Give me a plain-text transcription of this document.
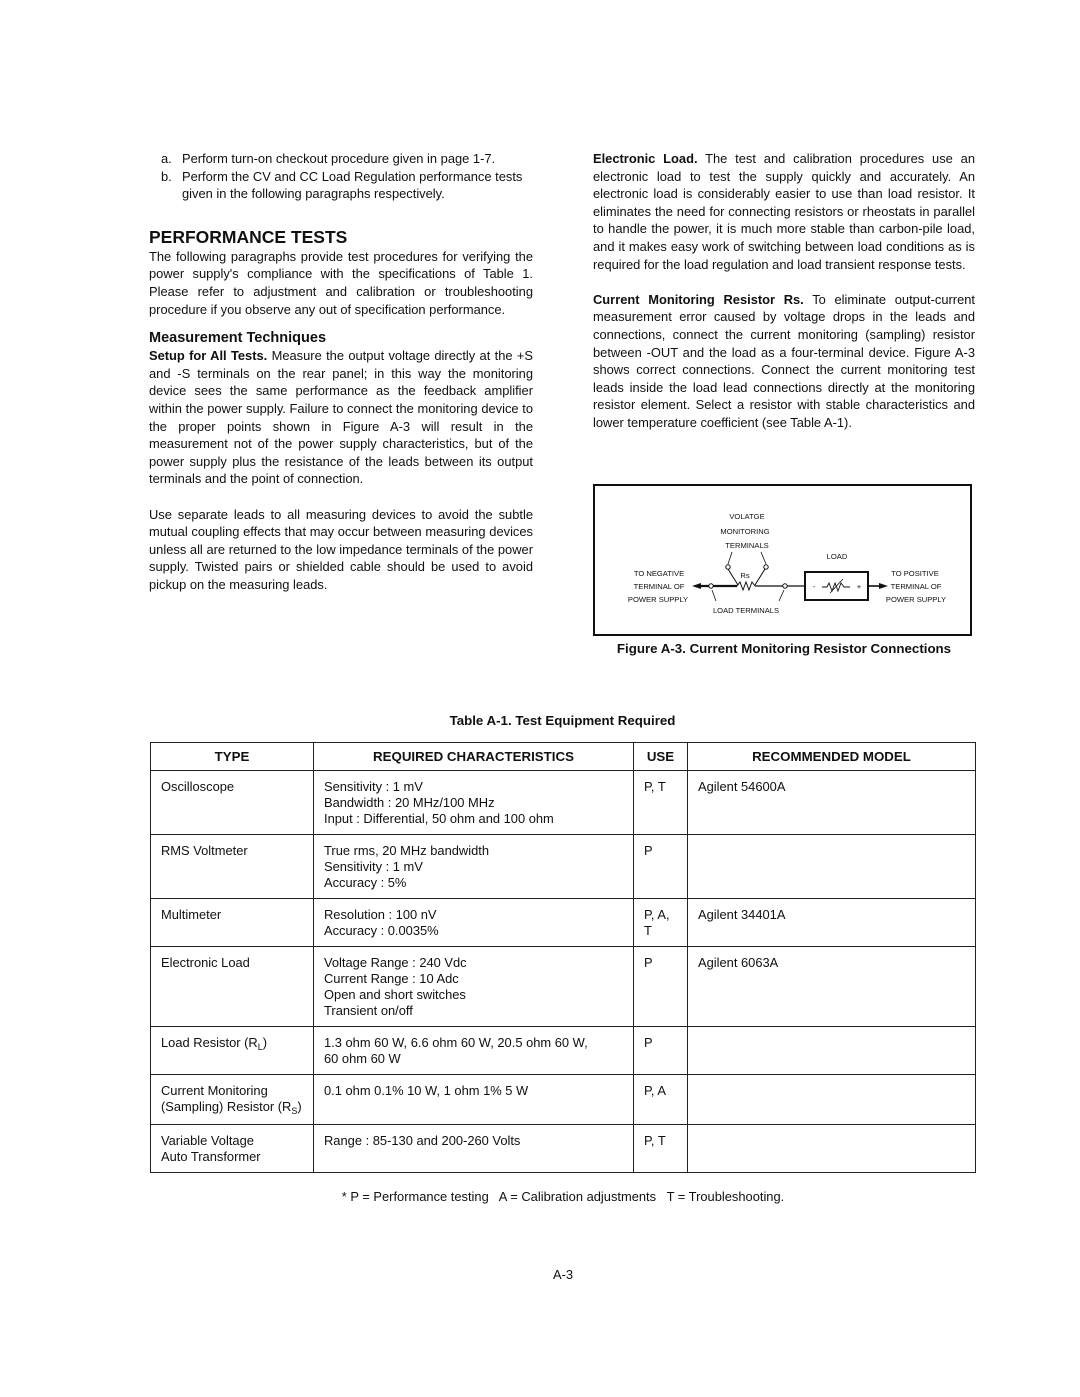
a. Perform turn-on checkout procedure given in page 1-7.
b. Perform the CV and CC Load Regulation performance tests given in the following paragraphs respectively.
PERFORMANCE TESTS

The following paragraphs provide test procedures for verifying the power supply's compliance with the specifications of Table 1. Please refer to adjustment and calibration or troubleshooting procedure if you observe any out of specification performance.

Measurement Techniques

Setup for All Tests. Measure the output voltage directly at the +S and -S terminals on the rear panel; in this way the monitoring device sees the same performance as the feedback amplifier within the power supply. Failure to connect the monitoring device to the proper points shown in Figure A-3 will result in the measurement not of the power supply characteristics, but of the power supply plus the resistance of the leads between its output terminals and the point of connection.

Use separate leads to all measuring devices to avoid the subtle mutual coupling effects that may occur between measuring devices unless all are returned to the low impedance terminals of the power supply. Twisted pairs or shielded cable should be used to avoid pickup on the measuring leads.

Electronic Load. The test and calibration procedures use an electronic load to test the supply quickly and accurately. An electronic load is considerably easier to use than load resistor. It eliminates the need for connecting resistors or rheostats in parallel to handle the power, it is much more stable than carbon-pile load, and it makes easy work of switching between load conditions as is required for the load regulation and load transient response tests.

Current Monitoring Resistor Rs. To eliminate output-current measurement error caused by voltage drops in the leads and connections, connect the current monitoring (sampling) resistor between -OUT and the load as a four-terminal device. Figure A-3 shows correct connections. Connect the current monitoring test leads inside the load lead connections directly at the monitoring resistor element. Select a resistor with stable characteristics and lower temperature coefficient (see Table A-1).

VOLATGE
MONITORING
TERMINALS
TO NEGATIVE
TERMINAL OF
POWER SUPPLY
TO POSITIVE
TERMINAL OF
POWER SUPPLY
Rs
LOAD
LOAD TERMINALS
-	+
Figure A-3. Current Monitoring Resistor Connections
Table A-1. Test Equipment Required
TYPE	REQUIRED CHARACTERISTICS	USE	RECOMMENDED MODEL

Oscilloscope	Sensitivity : 1 mV
Bandwidth : 20 MHz/100 MHz
Input : Differential, 50 ohm and 100 ohm	P, T	Agilent 54600A

RMS Voltmeter	True rms, 20 MHz bandwidth
Sensitivity : 1 mV
Accuracy : 5%	P	

Multimeter	Resolution : 100 nV
Accuracy : 0.0035%	P, A, T	Agilent 34401A

Electronic Load	Voltage Range : 240 Vdc
Current Range : 10 Adc
Open and short switches
Transient on/off	P	Agilent 6063A

Load Resistor $(R_L)$	1.3 ohm 60 W, 6.6 ohm 60 W, 20.5 ohm 60 W,
60 ohm 60 W	P	

Current Monitoring
(Sampling) Resistor $(R_S)$	0.1 ohm 0.1% 10 W, 1 ohm 1% 5 W	P, A	

Variable Voltage
Auto Transformer	Range : 85-130 and 200-260 Volts	P, T	
* P = Performance testing   A = Calibration adjustments   T = Troubleshooting.
A-3
